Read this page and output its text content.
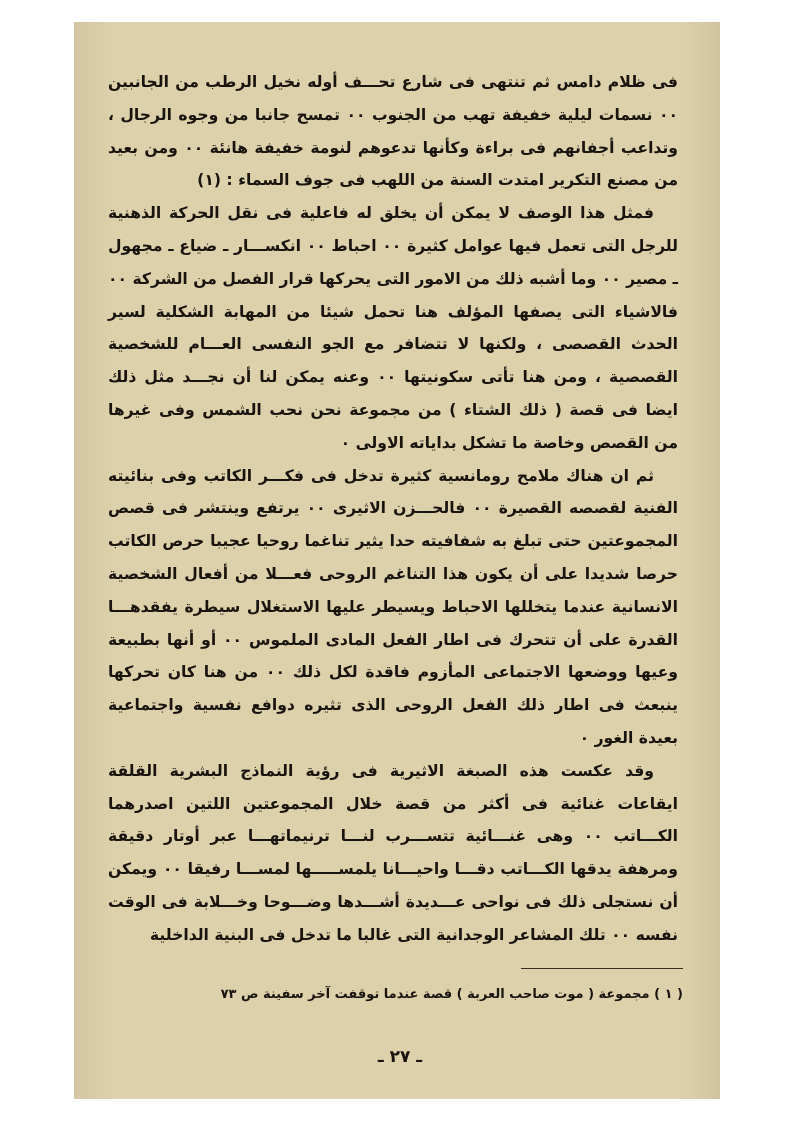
فى ظلام دامس ثم تنتهى فى شارع تحـــف أوله نخيل الرطب من الجانبين ٠٠ نسمات ليلية خفيفة تهب من الجنوب ٠٠ تمسح جانبا من وجوه الرجال ، وتداعب أجفانهم فى براءة وكأنها تدعوهم لنومة خفيفة هانئة ٠٠ ومن بعيد من مصنع التكرير امتدت السنة من اللهب فى جوف السماء : (١)

فمثل هذا الوصف لا يمكن أن يخلق له فاعلية فى نقل الحركة الذهنية للرجل التى تعمل فيها عوامل كثيرة ٠٠ احباط ٠٠ انكســـار ـ ضياع ـ مجهول ـ مصير ٠٠ وما أشبه ذلك من الامور التى يحركها قرار الفصل من الشركة ٠٠ فالاشياء التى يصفها المؤلف هنا تحمل شيئا من المهابة الشكلية لسير الحدث القصصى ، ولكنها لا تتضافر مع الجو النفسى العـــام للشخصية القصصية ، ومن هنا تأتى سكونيتها ٠٠ وعنه يمكن لنا أن نجـــد مثل ذلك ايضا فى قصة ( ذلك الشتاء ) من مجموعة نحن نحب الشمس وفى غيرها من القصص وخاصة ما تشكل بداياته الاولى ٠

ثم ان هناك ملامح رومانسية كثيرة تدخل فى فكـــر الكاتب وفى بنائيته الفنية لقصصه القصيرة ٠٠ فالحـــزن الاثيرى ٠٠ يرتفع وينتشر فى قصص المجموعتين حتى تبلغ به شفافيته حدا يثير تناغما روحيا عجيبا حرص الكاتب حرصا شديدا على أن يكون هذا التناغم الروحى فعـــلا من أفعال الشخصية الانسانية عندما يتخللها الاحباط ويسيطر عليها الاستغلال سيطرة يفقدهـــا القدرة على أن تتحرك فى اطار الفعل المادى الملموس ٠٠ أو أنها بطبيعة وعيها ووضعها الاجتماعى المأزوم فاقدة لكل ذلك ٠٠ من هنا كان تحركها ينبعث فى اطار ذلك الفعل الروحى الذى تثيره دوافع نفسية واجتماعية بعيدة الغور ٠

وقد عكست هذه الصبغة الاثيرية فى رؤية النماذج البشرية القلقة ايقاعات غنائية فى أكثر من قصة خلال المجموعتين اللتين اصدرهما الكـــاتب ٠٠ وهى غنـــائية تتســـرب لنـــا ترنيماتهـــا عبر أوتار دقيقة ومرهفة يدقها الكـــاتب دقـــا واحيـــانا يلمســـــها لمســـا رفيقا ٠٠ ويمكن أن نستجلى ذلك فى نواحى عـــديدة أشـــدها وضـــوحا وخـــلابة فى الوقت نفسه ٠٠ تلك المشاعر الوجدانية التى غالبا ما تدخل فى البنية الداخلية

( ١ ) مجموعة ( موت صاحب العربة ) قصة عندما توقفت آخر سفينة ص ٧٣
ـ ٢٧ ـ
